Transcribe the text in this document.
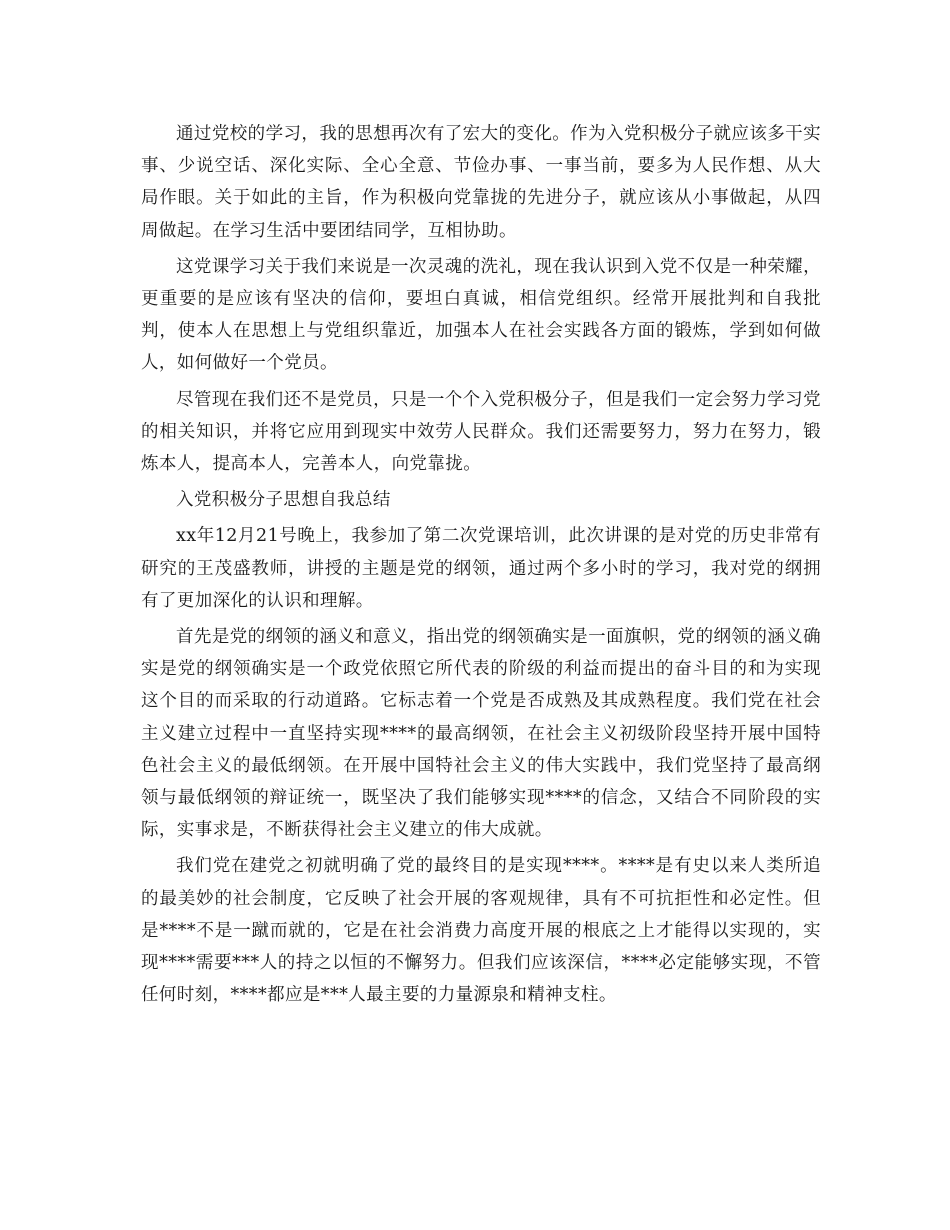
通过党校的学习，我的思想再次有了宏大的变化。作为入党积极分子就应该多干实事、少说空话、深化实际、全心全意、节俭办事、一事当前，要多为人民作想、从大局作眼。关于如此的主旨，作为积极向党靠拢的先进分子，就应该从小事做起，从四周做起。在学习生活中要团结同学，互相协助。

这党课学习关于我们来说是一次灵魂的洗礼，现在我认识到入党不仅是一种荣耀，更重要的是应该有坚决的信仰，要坦白真诚，相信党组织。经常开展批判和自我批判，使本人在思想上与党组织靠近，加强本人在社会实践各方面的锻炼，学到如何做人，如何做好一个党员。

尽管现在我们还不是党员，只是一个个入党积极分子，但是我们一定会努力学习党的相关知识，并将它应用到现实中效劳人民群众。我们还需要努力，努力在努力，锻炼本人，提高本人，完善本人，向党靠拢。

入党积极分子思想自我总结

xx年12月21号晚上，我参加了第二次党课培训，此次讲课的是对党的历史非常有研究的王茂盛教师，讲授的主题是党的纲领，通过两个多小时的学习，我对党的纲拥有了更加深化的认识和理解。

首先是党的纲领的涵义和意义，指出党的纲领确实是一面旗帜，党的纲领的涵义确实是党的纲领确实是一个政党依照它所代表的阶级的利益而提出的奋斗目的和为实现这个目的而采取的行动道路。它标志着一个党是否成熟及其成熟程度。我们党在社会主义建立过程中一直坚持实现****的最高纲领，在社会主义初级阶段坚持开展中国特色社会主义的最低纲领。在开展中国特社会主义的伟大实践中，我们党坚持了最高纲领与最低纲领的辩证统一，既坚决了我们能够实现****的信念，又结合不同阶段的实际，实事求是，不断获得社会主义建立的伟大成就。

我们党在建党之初就明确了党的最终目的是实现****。****是有史以来人类所追的最美妙的社会制度，它反映了社会开展的客观规律，具有不可抗拒性和必定性。但是****不是一蹴而就的，它是在社会消费力高度开展的根底之上才能得以实现的，实现****需要***人的持之以恒的不懈努力。但我们应该深信，****必定能够实现，不管任何时刻，****都应是***人最主要的力量源泉和精神支柱。
